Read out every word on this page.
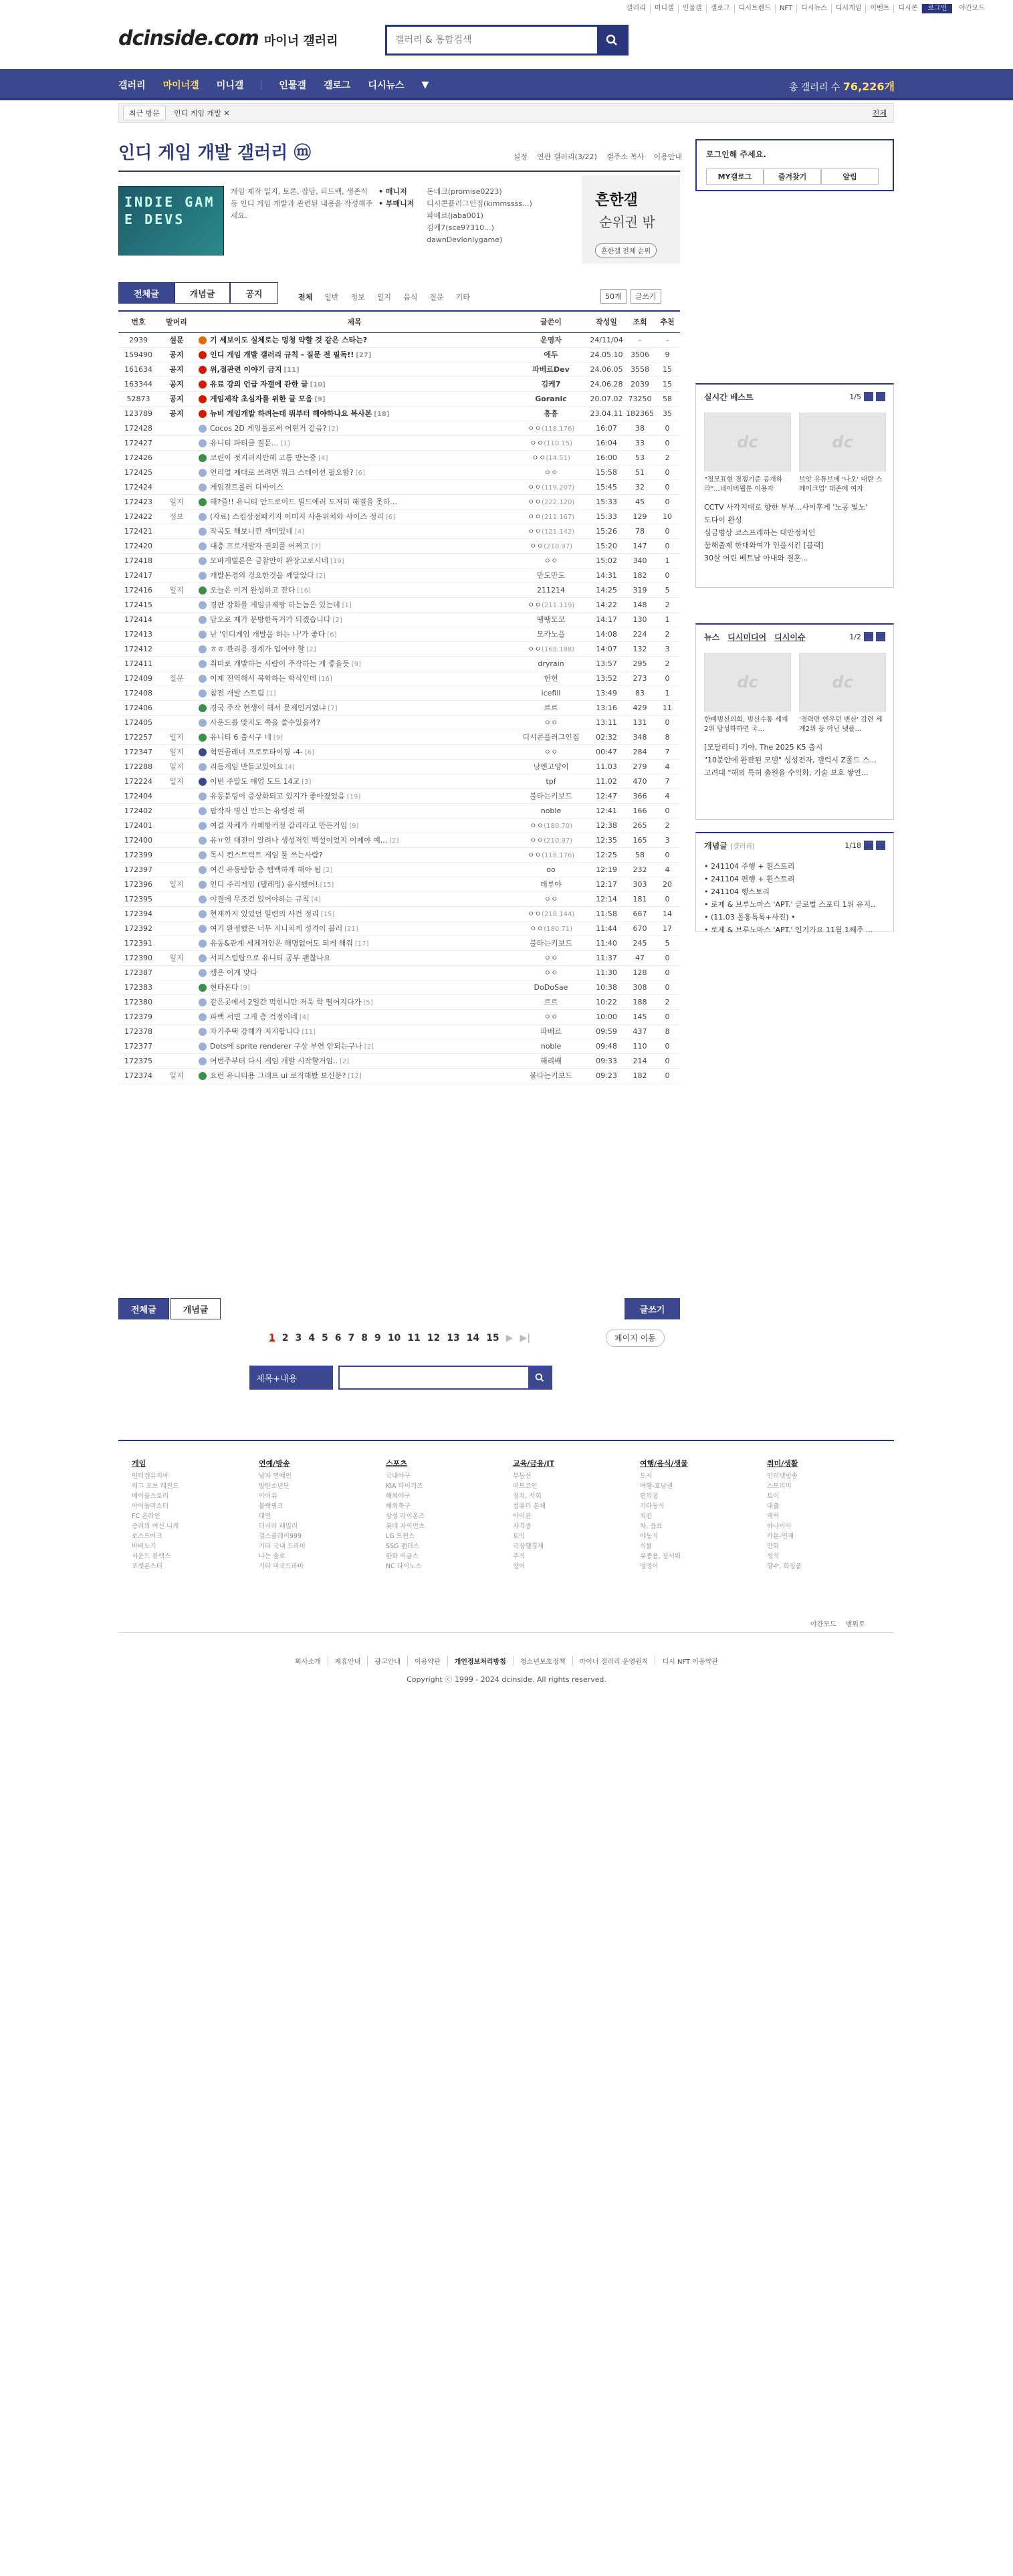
갤러리	미니갤	인물갤	갤로그	디시트렌드	NFT	디시뉴스	디시게임	이벤트	디시콘	로그인	야간모드
dcinside.com 마이너 갤러리
갤러리 & 통합검색
갤러리 마이너갤 미니갤	인물갤 갤로그 디시뉴스 ▼	총 갤러리 수 76,226개
최근 방문	인디 게임 개발 ✕	전체
인디 게임 개발 갤러리 ⓜ	설정 연관 갤러리(3/22) 갤주소 복사 이용안내
INDIE GAME DEVS
게임 제작 일지, 토론, 잡담, 피드백, 생존식 등 인디 게임 개발과 관련된 내용을 작성해주세요.
• 매니저
• 부매니저
돈네크(promise0223)
디시콘플러그인집(kimmssss...)
파베르(jaba001)
김케7(sce97310...)
dawnDevlonlygame)
흔한갤
순위권 밖
흔한갤 전체 순위
전체글	개념글	공지	전체 일반 정보 일지 음식 질문 기타	50개	글쓰기
번호	말머리	제목	글쓴이	작성일	조회	추천
2939	설문	기 세보이도 실체로는 멍청 약할 것 같은 스타는?	운영자	24/11/04	-	-
159490	공지	인디 게임 개발 갤러리 규칙 - 질문 전 필독!! [27]	애두	24.05.10	3506	9
161634	공지	위,접관련 이야기 금지 [11]	파베르Dev	24.06.05	3558	15
163344	공지	유료 강의 언급 자갤에 관한 글 [10]	김케7	24.06.28	2039	15
52873	공지	게임제작 초심자를 위한 글 모음 [9]	Goranic	20.07.02	73250	58
123789	공지	뉴비 게임개발 하려는데 뭐부터 해야하나요 복사본 [18]	흥흥	23.04.11	182365	35
172428		Cocos 2D 게임툴로써 어떤거 같음? [2]	ㅇㅇ(118.176)	16:07	38	0
172427		유니티 파티클 질문... [1]	ㅇㅇ(110.15)	16:04	33	0
172426		코린이 젓지러지만해 고통 받는중 [4]	ㅇㅇ(14.51)	16:00	53	2
172425		언리얼 제대로 쓰려면 워크 스테이션 필요함? [6]	ㅇㅇ	15:58	51	0
172424		게임전트롤러 디바이스	ㅇㅇ(119.207)	15:45	32	0
172423	일지	해?즐!! 유니티 안드로이드 빌드에러 도저히 해결을 못하...	ㅇㅇ(222.120)	15:33	45	0
172422	정보	(자료) 스킴상점패키지 이미지 사용위치와 사이즈 정리 [6]	ㅇㅇ(211.167)	15:33	129	10
172421		작곡도 해보니깐 재미있네 [4]	ㅇㅇ(121.142)	15:26	78	0
172420		대충 프로개발자 권외풀 어쩌고 [7]	ㅇㅇ(210.97)	15:20	147	0
172418		모바게별론은 금찰만이 완장고로시네 [19]	ㅇㅇ	15:02	340	1
172417		개발몬경의 겅요한것을 깨달았다 [2]	만도만도	14:31	182	0
172416	일지	오늘은 이거 완성하고 잔다 [16]	211214	14:25	319	5
172415		경판 강화를 게임규제팡 하는놈은 있는데 [1]	ㅇㅇ(211.119)	14:22	148	2
172414		담오로 제가 분방한독거가 되겠습니다 [2]	땡땡모모	14:17	130	1
172413		난 '인디게임 개발을 하는 나'가 좋다 [6]	모카노을	14:08	224	2
172412		ㅎㅎ 관리용 경계가 업어야 할 [2]	ㅇㅇ(168.188)	14:07	132	3
172411		취미로 개발하는 사람이 주작하는 게 좋을듯 [9]	dryrain	13:57	295	2
172409	질문	이제 전역해서 복학하는 학식인데 [16]	헌헌	13:52	273	0
172408		참전 개발 스트림 [1]	icefill	13:49	83	1
172406		경국 주작 현생이 해서 문제인거였냐 [7]	르르	13:16	429	11
172405		사운드를 맞지도 쪽을 쓸수있을까?	ㅇㅇ	13:11	131	0
172257	일지	유니티 6 출시구 네 [9]	디시콘플러그인집	02:32	348	8
172347	일지	혁연골레너 프로토타이핑 -4- [6]	ㅇㅇ	00:47	284	7
172288	일지	리듬게임 만들고있어요 [4]	낭엔고양이	11.03	279	4
172224	일지	이번 주말도 얘엄 도트 14교 [3]	tpf	11.02	470	7
172404		유동분링이 증상화되고 있지가 좋아졌었음 [19]	불타는키보드	12:47	366	4
172402		팝작자 병신 만드는 유령전 해	noble	12:41	166	0
172401		여결 자체가 카페항커정 갈리라고 만든거임 [9]	ㅇㅇ(180.70)	12:38	265	2
172400		유ㅠ인 대전이 알려나 생성저인 백설이었지 이제야 예... [2]	ㅇㅇ(210.97)	12:35	165	3
172399		독시 컨스트럭트 게임 툴 쓰는사람?	ㅇㅇ(118.176)	12:25	58	0
172397		여긴 유동탐합 층 햄백하게 해야 됨 [2]	oo	12:19	232	4
172396	일지	인디 주리게임 (텔레밍) 음시했어! [15]	데루야	12:17	303	20
172395		야결에 무조건 있어야하는 규칙 [4]	ㅇㅇ	12:14	181	0
172394		현재까지 있었던 일련의 사건 정리 [15]	ㅇㅇ(218.144)	11:58	667	14
172392		여기 완정했은 너무 지니치게 성격이 블러 [21]	ㅇㅇ(180.71)	11:44	670	17
172391		유동&관계 세체저인은 해명없어도 되게 해줘 [17]	불타는키보드	11:40	245	5
172390	일지	서피스럽탑으로 유니티 공부 괜찮나요	ㅇㅇ	11:37	47	0
172387		캠은 이게 맞다	ㅇㅇ	11:30	128	0
172383		현타온다 [9]	DoDoSae	10:38	308	0
172380		같은곳에서 2일간 먹힌니만 저욱 학 떨어지다가 [5]	르르	10:22	188	2
172379		파랙 서면 그게 층 걱정이네 [4]	ㅇㅇ	10:00	145	0
172378		자기주택 강해가 지지합니다 [11]	파베르	09:59	437	8
172377		Dots에 sprite renderer 구상 부연 안되는구나 [2]	noble	09:48	110	0
172375		어번주부터 다시 게임 개발 시작할거임.. [2]	해리배	09:33	214	0
172374	일지	요런 유니티용 그래프 ui 로직해봤 보신분? [12]	불타는키보드	09:23	182	0
전체글	개념글	글쓰기
1 2 3 4 5 6 7 8 9 10 11 12 13 14 15 ▶ ▶|	페이지 이동
제목+내용
로그인해 주세요.
MY갤로그	즐겨찾기	알림
실시간 베스트	1/5
dc
"정모표현 경쟁기준 공개하라"...네이버웹툰 이용자
dc
브앗 유튜브에 '나오' 대란 스페이크업' 대존에 여자
CCTV 사각지대로 향한 부부...사이후게 '노공 빛노'
도다이 완성
심금범상 코스프레하는 대만정치인
물해출제 한대와여가 인플시킨 [블랙]
30살 어린 베트남 아내와 결혼...
뉴스 디시미디어 디시이슈	1/2
dc
한폐벙선의희, 빙선수통 세계2위 담성하하면 국...
dc
'경력만 엔우던 변산' 감련 세계2위 등 아닌 넷플...
[모달리티] 기아, The 2025 K5 출시
"10분안에 완판된 모델" 성성전자, 갤럭시 Z폴드 스...
고려대 "해외 특허 출원을 수익화, 기술 보호 쌓연...
개념글 [갤러리]	1/18
• 241104 주행 + 휜스토리
• 241104 편행 + 휜스토리
• 241104 행스토리
• 로제 & 브루노마스 'APT.' 글로벌 스포티 1위 유지..
• (11.03 몰홍특톡+사진) •
• 로제 & 브루노마스 'APT.' 인기가요 11월 1째주 ...
게임
인터겜뮤지아
리그 오브 레전드
메이플스토리
아이돌마스터
FC 온라인
승리의 여신 니케
로스트아크
마비노기
서운드 블랙스
포켓몬스터
연예/방송
남자 연예인
방탄소년단
아이유
블랙핑크
태연
더시라 패밀리
걸스플레이999
기타 국내 드라마
나는 솔로
기타 미국드라마
스포츠
국내야구
KIA 타이거즈
해외야구
해외축구
삼성 라이온즈
롯데 자이언츠
LG 트윈스
SSG 랜더스
한화 이글스
NC 다이노스
교육/금융/IT
부동산
비트코인
정치, 사회
컴퓨터 본체
아이폰
자격증
토익
국장행경제
주식
영어
여행/음식/생물
도시
여행-호남권
편의점
기타동식
치킨
차, 음료
야동식
식물
유종용, 장서워
멍멍이
취미/생활
인터넷방송
스트리머
토이
대출
캐릭
하나이아
카툰-연재
만화
성적
향수, 화장품
야간모드 맨위로
회사소개	제휴안내	광고안내	이용약관	개인정보처리방침	청소년보호정책	마이너 갤러리 운영원칙	디시 NFT 이용약관
Copyright ⓒ 1999 - 2024 dcinside. All rights reserved.
